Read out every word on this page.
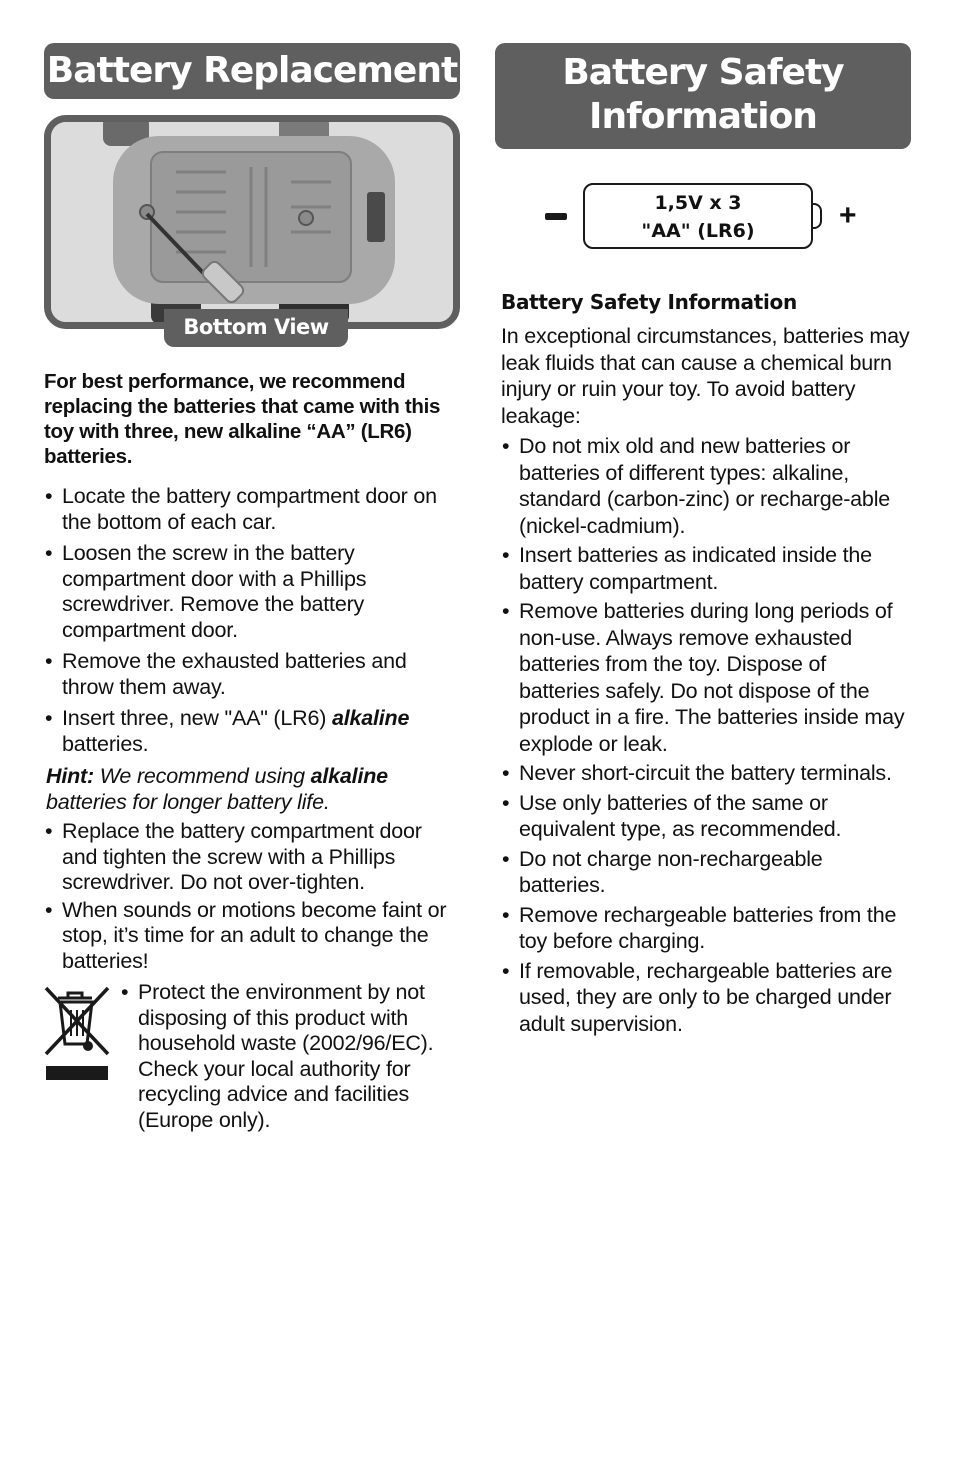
Battery Replacement
Bottom View
For best performance, we recommend replacing the batteries that came with this toy with three, new alkaline “AA” (LR6) batteries.
• Locate the battery compartment door on the bottom of each car.
• Loosen the screw in the battery compartment door with a Phillips screwdriver. Remove the battery compartment door.
• Remove the exhausted batteries and throw them away.
• Insert three, new "AA" (LR6) alkaline batteries.
Hint: We recommend using alkaline batteries for longer battery life.
• Replace the battery compartment door and tighten the screw with a Phillips screwdriver. Do not over-tighten.
• When sounds or motions become faint or stop, it’s time for an adult to change the batteries!
• Protect the environment by not disposing of this product with household waste (2002/96/EC). Check your local authority for recycling advice and facilities (Europe only).
Battery Safety
Information
1,5V x 3
"AA" (LR6)	+
Battery Safety Information
In exceptional circumstances, batteries may leak fluids that can cause a chemical burn injury or ruin your toy. To avoid battery leakage:
• Do not mix old and new batteries or batteries of different types: alkaline, standard (carbon-zinc) or recharge-able (nickel-cadmium).
• Insert batteries as indicated inside the battery compartment.
• Remove batteries during long periods of non-use. Always remove exhausted batteries from the toy. Dispose of batteries safely. Do not dispose of the product in a fire. The batteries inside may explode or leak.
• Never short-circuit the battery terminals.
• Use only batteries of the same or equivalent type, as recommended.
• Do not charge non-rechargeable batteries.
• Remove rechargeable batteries from the toy before charging.
• If removable, rechargeable batteries are used, they are only to be charged under adult supervision.
